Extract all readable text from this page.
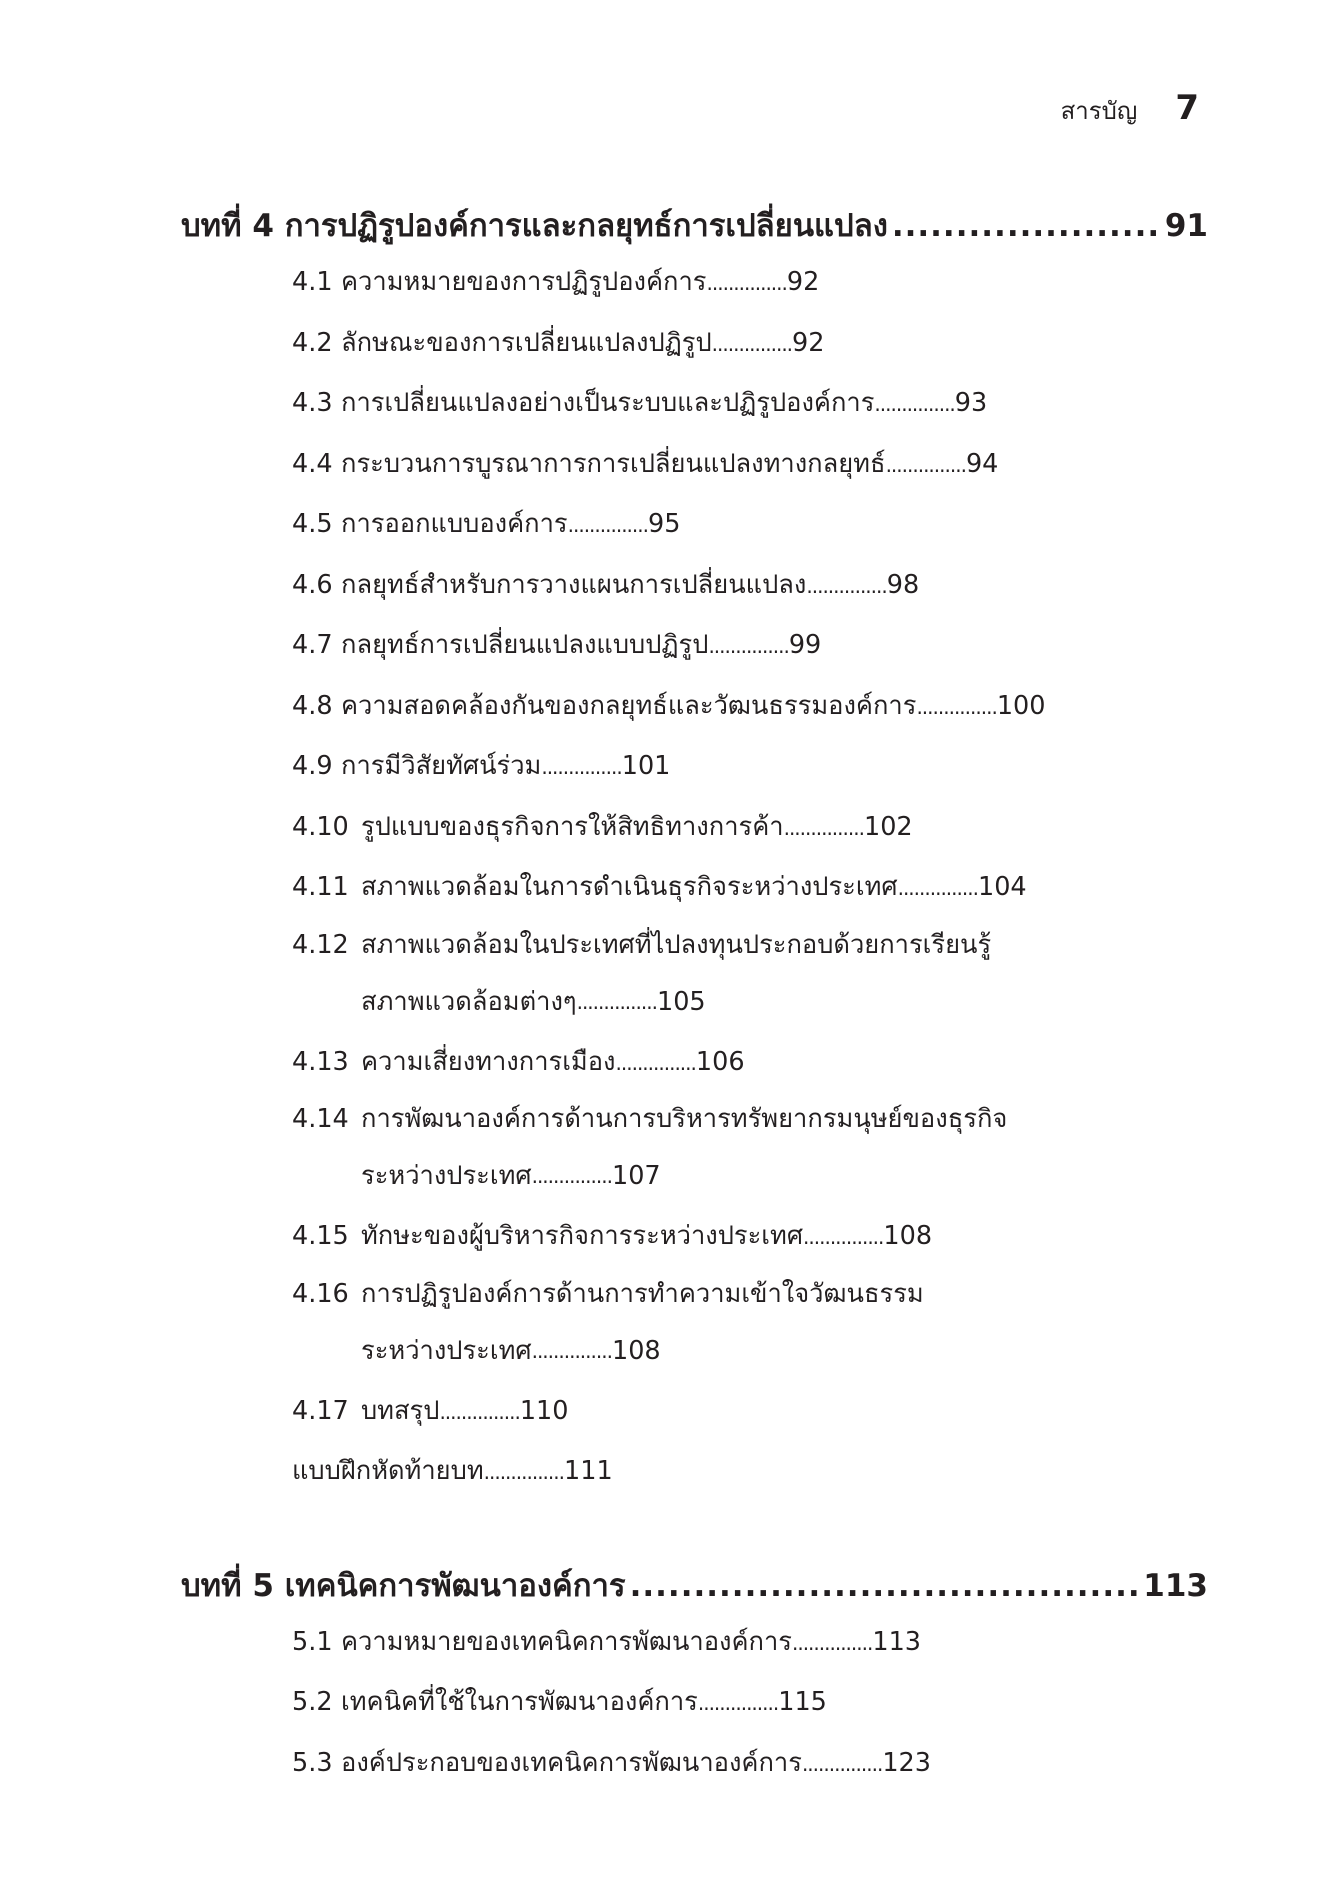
สารบัญ 7
บทที่ 4 การปฏิรูปองค์การและกลยุทธ์การเปลี่ยนแปลง .....	91
4.1 ความหมายของการปฏิรูปองค์การ ............... 92
4.2 ลักษณะของการเปลี่ยนแปลงปฏิรูป ............... 92
4.3 การเปลี่ยนแปลงอย่างเป็นระบบและปฏิรูปองค์การ ............... 93
4.4 กระบวนการบูรณาการการเปลี่ยนแปลงทางกลยุทธ์ ............... 94
4.5 การออกแบบองค์การ ............... 95
4.6 กลยุทธ์สำหรับการวางแผนการเปลี่ยนแปลง ............... 98
4.7 กลยุทธ์การเปลี่ยนแปลงแบบปฏิรูป ............... 99
4.8 ความสอดคล้องกันของกลยุทธ์และวัฒนธรรมองค์การ ............... 100
4.9 การมีวิสัยทัศน์ร่วม ............... 101
4.10 รูปแบบของธุรกิจการให้สิทธิทางการค้า ............... 102
4.11 สภาพแวดล้อมในการดำเนินธุรกิจระหว่างประเทศ ............... 104
4.12 สภาพแวดล้อมในประเทศที่ไปลงทุนประกอบด้วยการเรียนรู้
สภาพแวดล้อมต่างๆ ............... 105
4.13 ความเสี่ยงทางการเมือง ............... 106
4.14 การพัฒนาองค์การด้านการบริหารทรัพยากรมนุษย์ของธุรกิจ
ระหว่างประเทศ ............... 107
4.15 ทักษะของผู้บริหารกิจการระหว่างประเทศ ............... 108
4.16 การปฏิรูปองค์การด้านการทำความเข้าใจวัฒนธรรม
ระหว่างประเทศ ............... 108
4.17 บทสรุป ............... 110
แบบฝึกหัดท้ายบท ............... 111
บทที่ 5 เทคนิคการพัฒนาองค์การ .....	113
5.1 ความหมายของเทคนิคการพัฒนาองค์การ ............... 113
5.2 เทคนิคที่ใช้ในการพัฒนาองค์การ ............... 115
5.3 องค์ประกอบของเทคนิคการพัฒนาองค์การ ............... 123
